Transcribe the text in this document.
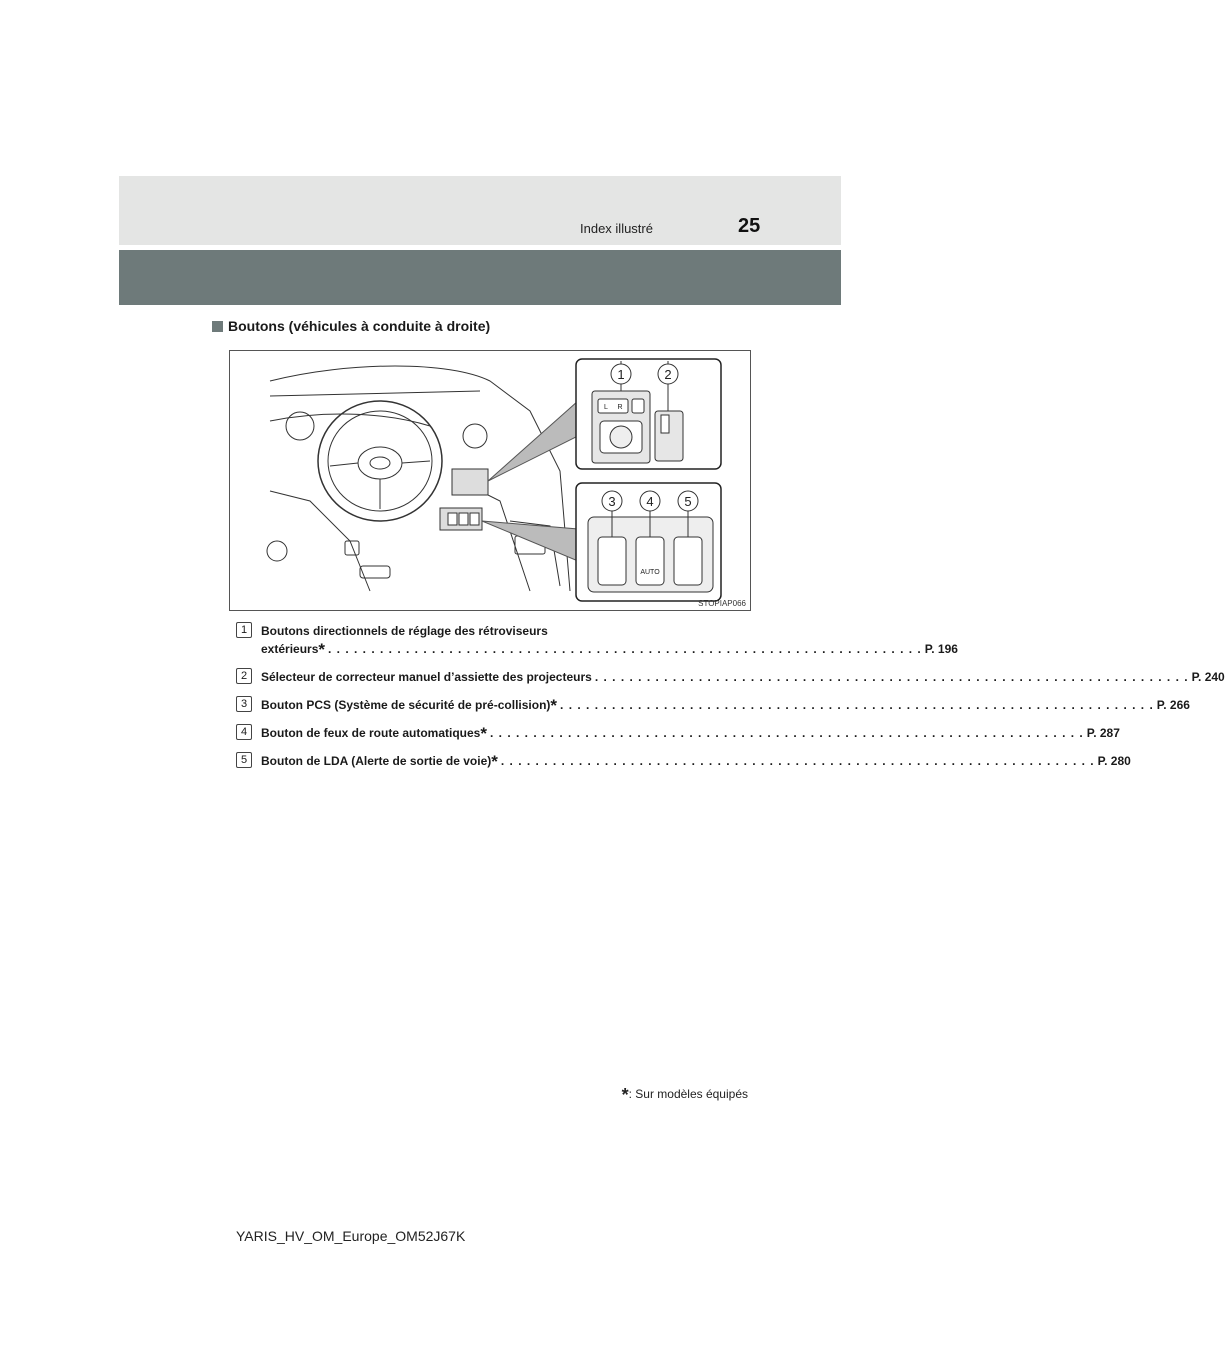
Index illustré	25
Boutons (véhicules à conduite à droite)
1	2
3 4 5
L R
AUTO
STOPIAP066
1	Boutons directionnels de réglage des rétroviseurs
extérieurs * . . .	P. 196
2	Sélecteur de correcteur manuel d’assiette des projecteurs . . .	P. 240
3	Bouton PCS (Système de sécurité de pré-collision) * . . .	P. 266
4	Bouton de feux de route automatiques * . . .	P. 287
5	Bouton de LDA (Alerte de sortie de voie) * . . .	P. 280
*: Sur modèles équipés
YARIS_HV_OM_Europe_OM52J67K
